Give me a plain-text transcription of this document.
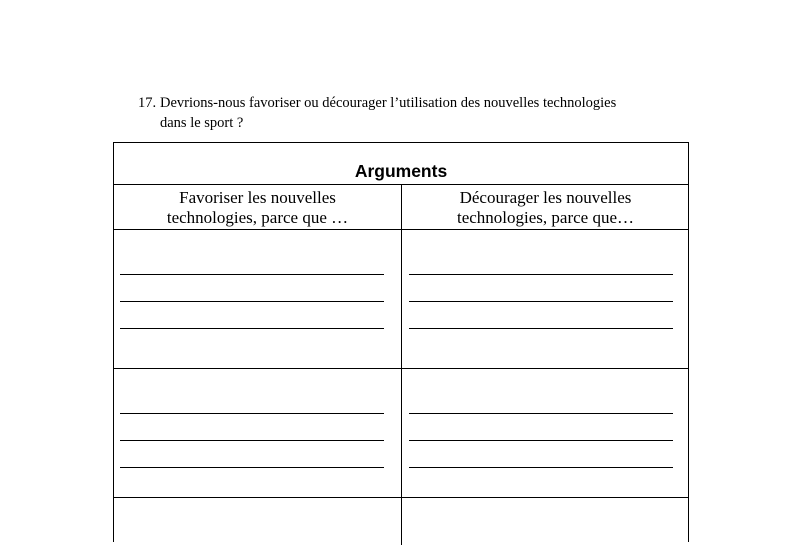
17. Devrions-nous favoriser ou décourager l’utilisation des nouvelles technologies
dans le sport ?
Arguments
Favoriser les nouvelles
technologies, parce que …
Décourager les nouvelles
technologies, parce que…
